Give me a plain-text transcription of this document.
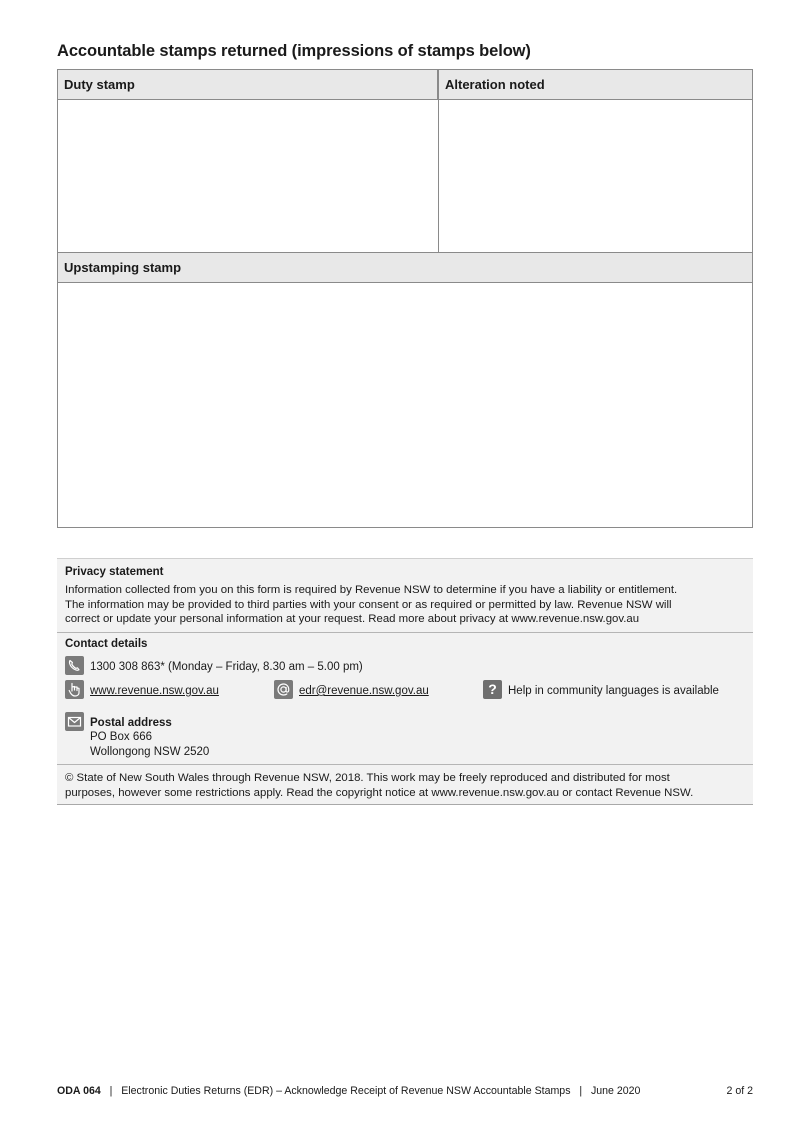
Accountable stamps returned (impressions of stamps below)
Duty stamp	Alteration noted
Upstamping stamp
Privacy statement
Information collected from you on this form is required by Revenue NSW to determine if you have a liability or entitlement.
The information may be provided to third parties with your consent or as required or permitted by law. Revenue NSW will
correct or update your personal information at your request. Read more about privacy at www.revenue.nsw.gov.au
Contact details
1300 308 863* (Monday – Friday, 8.30 am – 5.00 pm)
www.revenue.nsw.gov.au	edr@revenue.nsw.gov.au	? Help in community languages is available
Postal address
PO Box 666
Wollongong NSW 2520
© State of New South Wales through Revenue NSW, 2018. This work may be freely reproduced and distributed for most
purposes, however some restrictions apply. Read the copyright notice at www.revenue.nsw.gov.au or contact Revenue NSW.
ODA 064 | Electronic Duties Returns (EDR) – Acknowledge Receipt of Revenue NSW Accountable Stamps | June 2020	2 of 2
